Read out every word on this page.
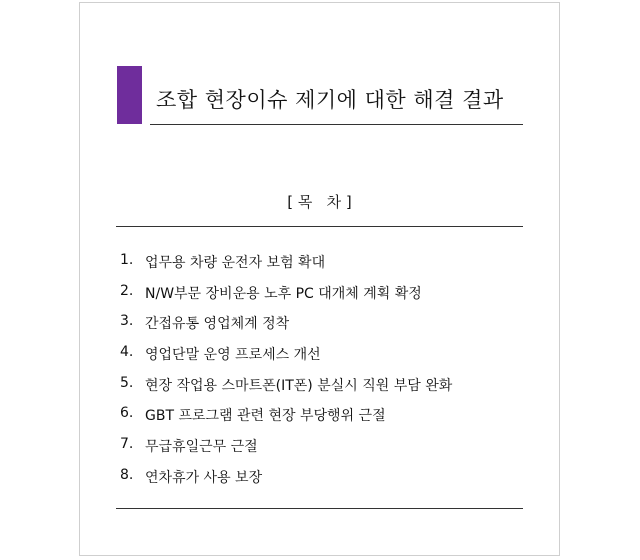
조합 현장이슈 제기에 대한 해결 결과
[ 목   차 ]
1. 업무용 차량 운전자 보험 확대
2. N/W부문 장비운용 노후 PC 대개체 계획 확정
3. 간접유통 영업체계 정착
4. 영업단말 운영 프로세스 개선
5. 현장 작업용 스마트폰(IT폰) 분실시 직원 부담 완화
6. GBT 프로그램 관련 현장 부당행위 근절
7. 무급휴일근무 근절
8. 연차휴가 사용 보장
